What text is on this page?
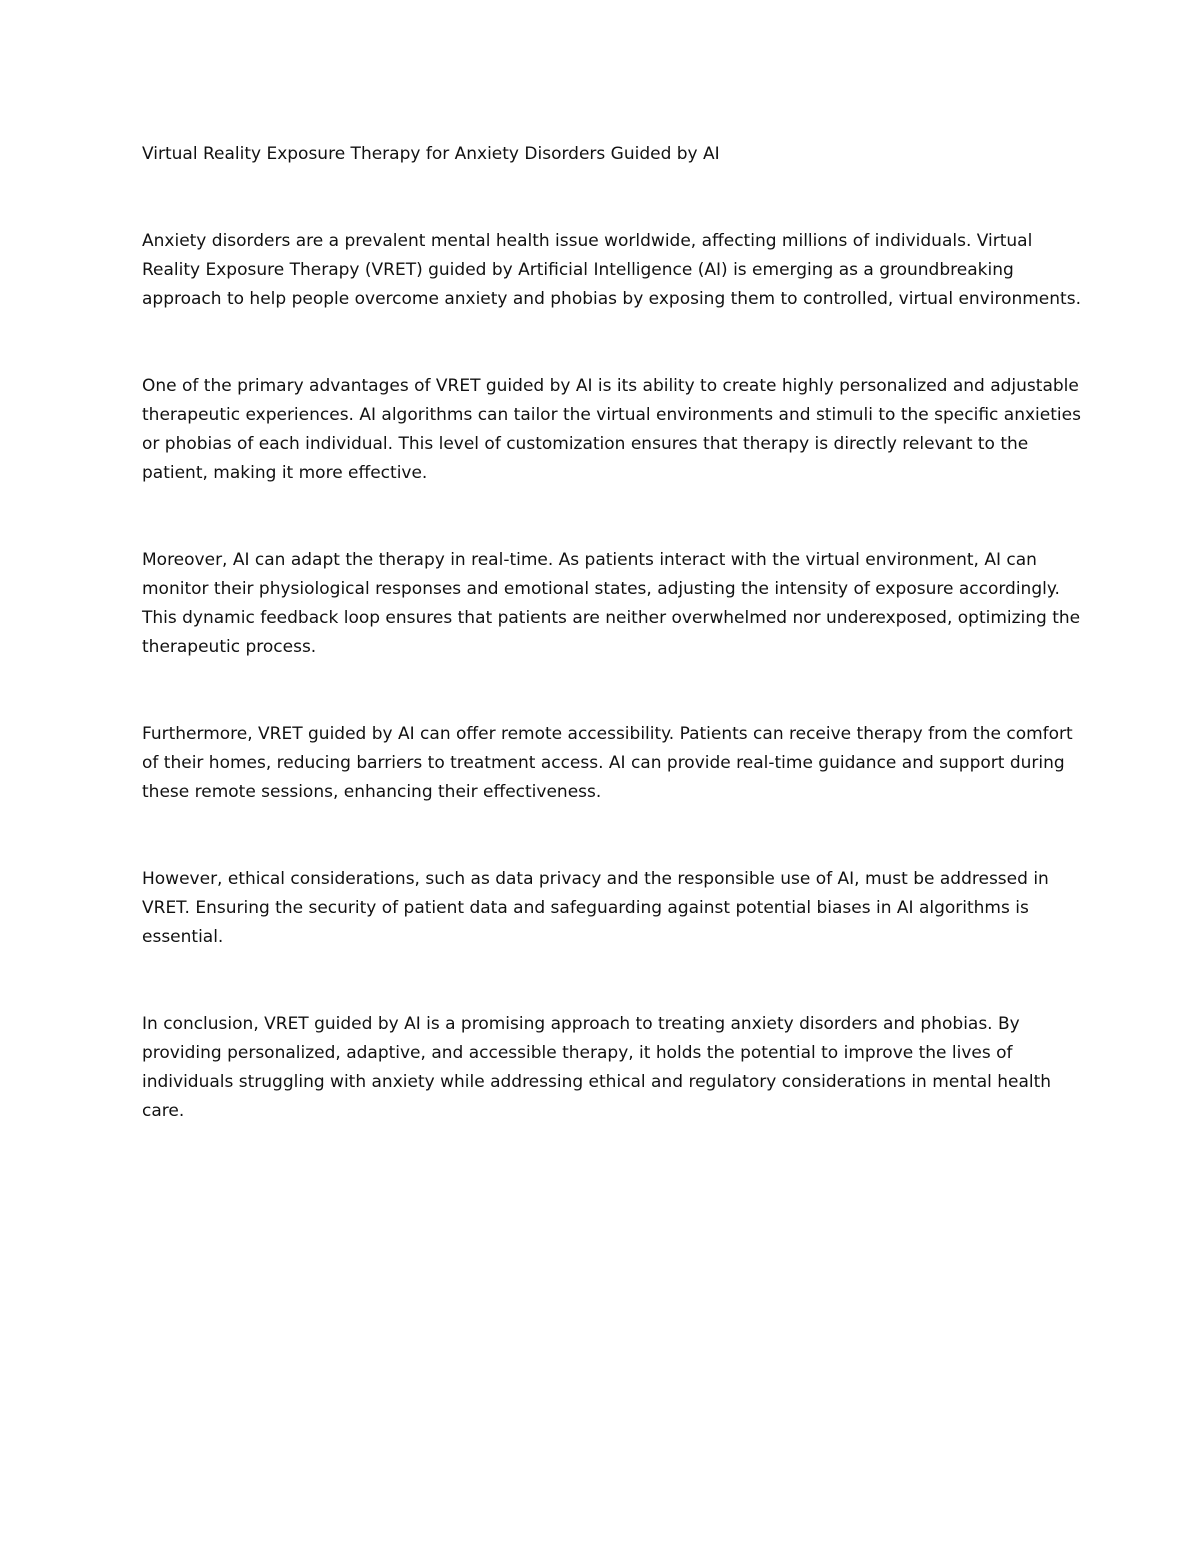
Virtual Reality Exposure Therapy for Anxiety Disorders Guided by AI

Anxiety disorders are a prevalent mental health issue worldwide, affecting millions of individuals. Virtual Reality Exposure Therapy (VRET) guided by Artificial Intelligence (AI) is emerging as a groundbreaking approach to help people overcome anxiety and phobias by exposing them to controlled, virtual environments.

One of the primary advantages of VRET guided by AI is its ability to create highly personalized and adjustable therapeutic experiences. AI algorithms can tailor the virtual environments and stimuli to the specific anxieties or phobias of each individual. This level of customization ensures that therapy is directly relevant to the patient, making it more effective.

Moreover, AI can adapt the therapy in real-time. As patients interact with the virtual environment, AI can monitor their physiological responses and emotional states, adjusting the intensity of exposure accordingly. This dynamic feedback loop ensures that patients are neither overwhelmed nor underexposed, optimizing the therapeutic process.

Furthermore, VRET guided by AI can offer remote accessibility. Patients can receive therapy from the comfort of their homes, reducing barriers to treatment access. AI can provide real-time guidance and support during these remote sessions, enhancing their effectiveness.

However, ethical considerations, such as data privacy and the responsible use of AI, must be addressed in VRET. Ensuring the security of patient data and safeguarding against potential biases in AI algorithms is essential.

In conclusion, VRET guided by AI is a promising approach to treating anxiety disorders and phobias. By providing personalized, adaptive, and accessible therapy, it holds the potential to improve the lives of individuals struggling with anxiety while addressing ethical and regulatory considerations in mental health care.
